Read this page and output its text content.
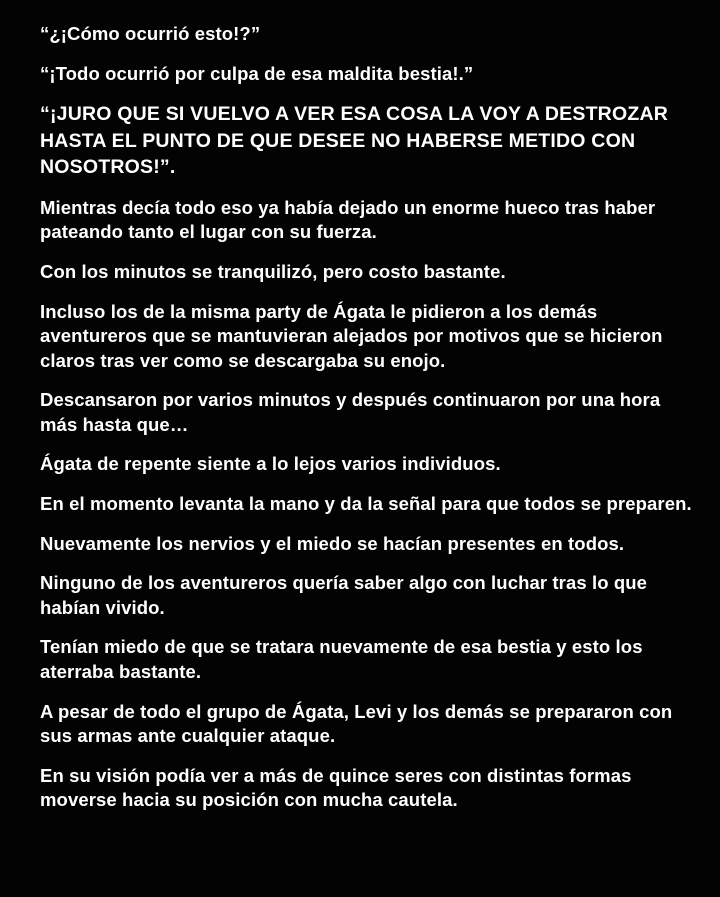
“¿¡Cómo ocurrió esto!?”

“¡Todo ocurrió por culpa de esa maldita bestia!.”

“¡JURO QUE SI VUELVO A VER ESA COSA LA VOY A DESTROZAR HASTA EL PUNTO DE QUE DESEE NO HABERSE METIDO CON NOSOTROS!”.

Mientras decía todo eso ya había dejado un enorme hueco tras haber pateando tanto el lugar con su fuerza.

Con los minutos se tranquilizó, pero costo bastante.

Incluso los de la misma party de Ágata le pidieron a los demás aventureros que se mantuvieran alejados por motivos que se hicieron claros tras ver como se descargaba su enojo.

Descansaron por varios minutos y después continuaron por una hora más hasta que…

Ágata de repente siente a lo lejos varios individuos.

En el momento levanta la mano y da la señal para que todos se preparen.

Nuevamente los nervios y el miedo se hacían presentes en todos.

Ninguno de los aventureros quería saber algo con luchar tras lo que habían vivido.

Tenían miedo de que se tratara nuevamente de esa bestia y esto los aterraba bastante.

A pesar de todo el grupo de Ágata, Levi y los demás se prepararon con sus armas ante cualquier ataque.

En su visión podía ver a más de quince seres con distintas formas moverse hacia su posición con mucha cautela.
